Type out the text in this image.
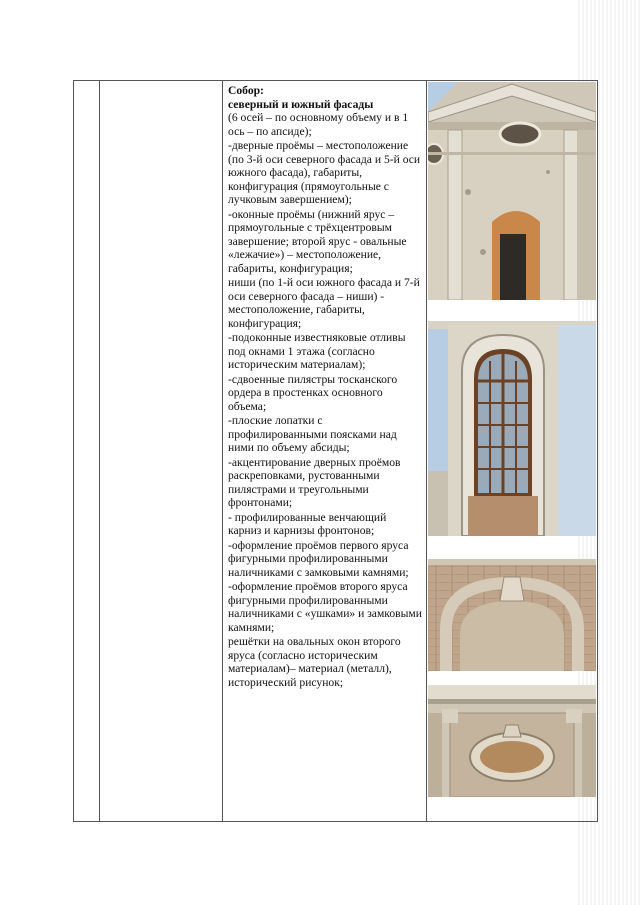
Собор:
северный и южный фасады
(6 осей – по основному объему и в 1 ось – по апсиде);
-дверные проёмы – местоположение (по 3-й оси северного фасада и 5-й оси южного фасада), габариты, конфигурация (прямоугольные с лучковым завершением);
-оконные проёмы (нижний ярус – прямоугольные с трёхцентровым завершение; второй ярус - овальные «лежачие») – местоположение, габариты, конфигурация;
ниши (по 1-й оси южного фасада и 7-й оси северного фасада – ниши) - местоположение, габариты, конфигурация;
-подоконные известняковые отливы под окнами 1 этажа (согласно историческим материалам);
-сдвоенные пилястры тосканского ордера в простенках основного объема;
-плоские лопатки с профилированными поясками над ними по объему абсиды;
-акцентирование дверных проёмов раскреповками, рустованными пилястрами и треугольными фронтонами;
- профилированные венчающий карниз и карнизы фронтонов;
-оформление проёмов первого яруса фигурными профилированными наличниками с замковыми камнями;
-оформление проёмов второго яруса фигурными профилированными наличниками с «ушками» и замковыми камнями;
решётки на овальных окон второго яруса (согласно историческим материалам)– материал (металл), исторический рисунок;
